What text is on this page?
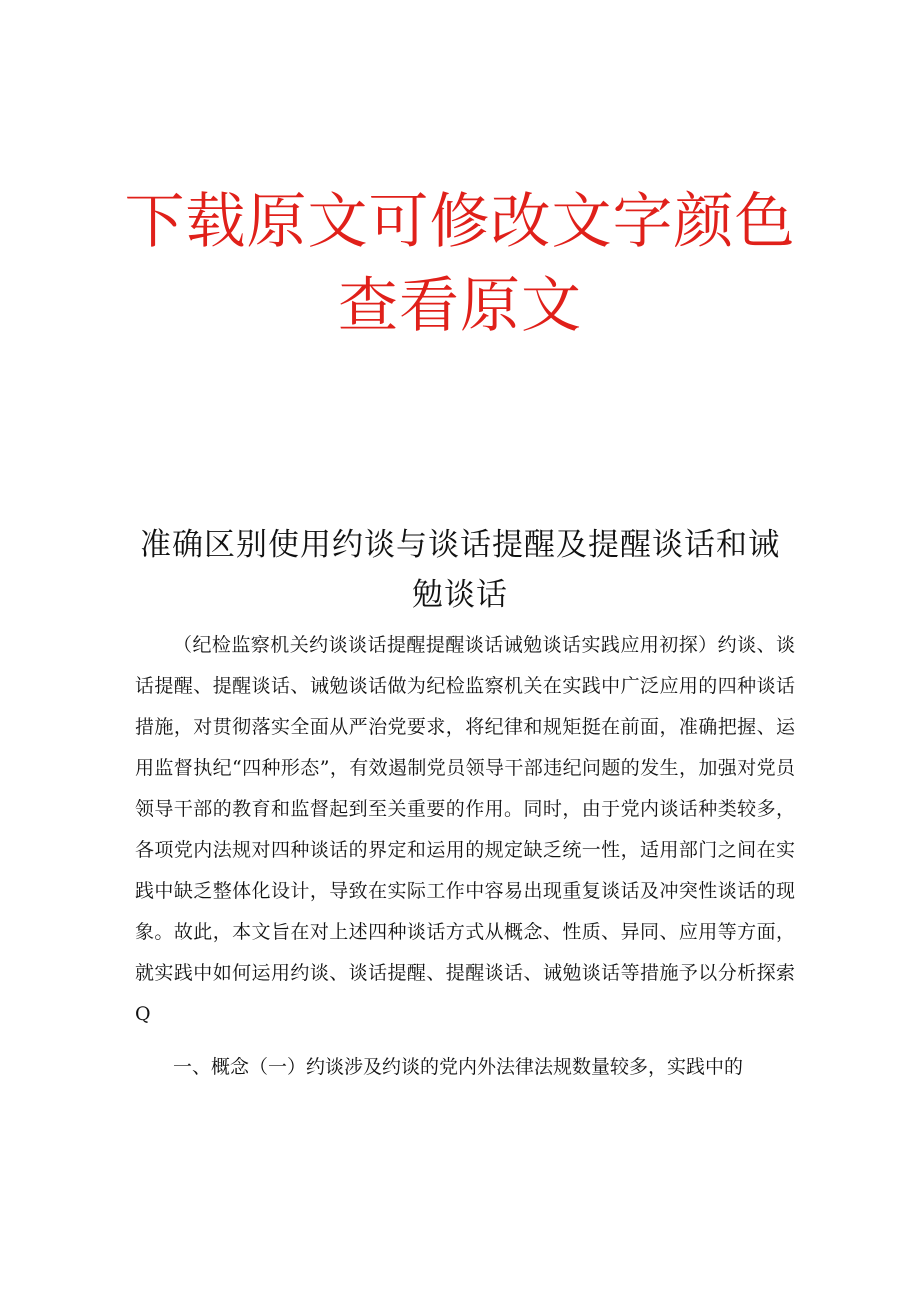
下载原文可修改文字颜色
查看原文
准确区别使用约谈与谈话提醒及提醒谈话和诫
勉谈话

（纪检监察机关约谈谈话提醒提醒谈话诫勉谈话实践应用初探）约谈、谈话提醒、提醒谈话、诫勉谈话做为纪检监察机关在实践中广泛应用的四种谈话措施，对贯彻落实全面从严治党要求，将纪律和规矩挺在前面，准确把握、运用监督执纪“四种形态”，有效遏制党员领导干部违纪问题的发生，加强对党员领导干部的教育和监督起到至关重要的作用。同时，由于党内谈话种类较多，各项党内法规对四种谈话的界定和运用的规定缺乏统一性，适用部门之间在实践中缺乏整体化设计，导致在实际工作中容易出现重复谈话及冲突性谈话的现象。故此，本文旨在对上述四种谈话方式从概念、性质、异同、应用等方面，就实践中如何运用约谈、谈话提醒、提醒谈话、诫勉谈话等措施予以分析探索Q

一、概念（一）约谈涉及约谈的党内外法律法规数量较多，实践中的
